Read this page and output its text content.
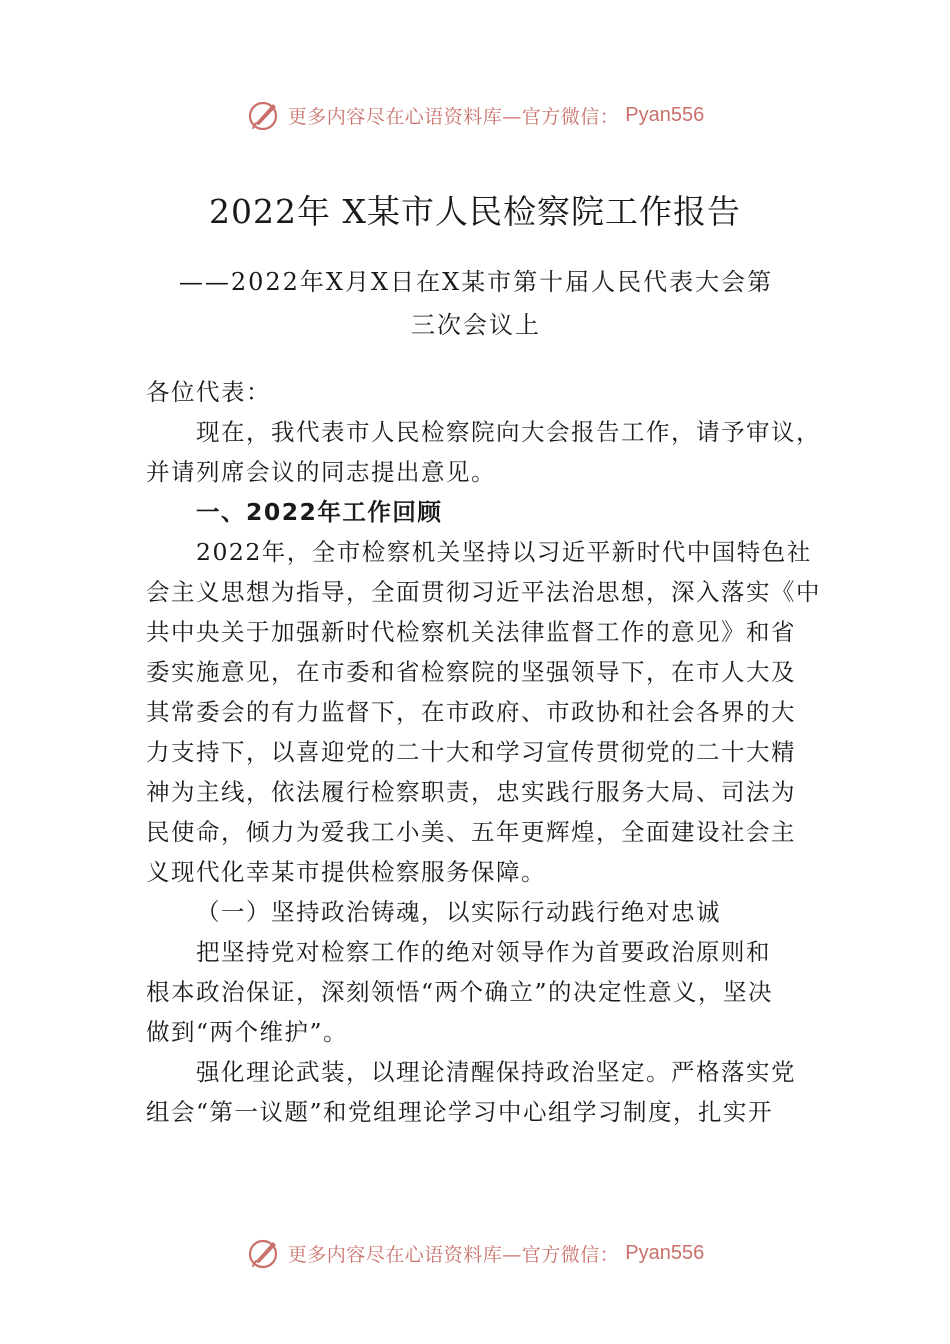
更多内容尽在心语资料库—官方微信： Pyan556
2022年 X某市人民检察院工作报告
——2022年X月X日在X某市第十届人民代表大会第
三次会议上
各位代表：
现在，我代表市人民检察院向大会报告工作，请予审议，
并请列席会议的同志提出意见。
一、2022年工作回顾
2022年，全市检察机关坚持以习近平新时代中国特色社
会主义思想为指导，全面贯彻习近平法治思想，深入落实《中
共中央关于加强新时代检察机关法律监督工作的意见》和省
委实施意见，在市委和省检察院的坚强领导下，在市人大及
其常委会的有力监督下，在市政府、市政协和社会各界的大
力支持下，以喜迎党的二十大和学习宣传贯彻党的二十大精
神为主线，依法履行检察职责，忠实践行服务大局、司法为
民使命，倾力为爱我工小美、五年更辉煌，全面建设社会主
义现代化幸某市提供检察服务保障。
（一）坚持政治铸魂，以实际行动践行绝对忠诚
把坚持党对检察工作的绝对领导作为首要政治原则和
根本政治保证，深刻领悟“两个确立”的决定性意义，坚决
做到“两个维护”。
强化理论武装，以理论清醒保持政治坚定。严格落实党
组会“第一议题”和党组理论学习中心组学习制度，扎实开
更多内容尽在心语资料库—官方微信： Pyan556
